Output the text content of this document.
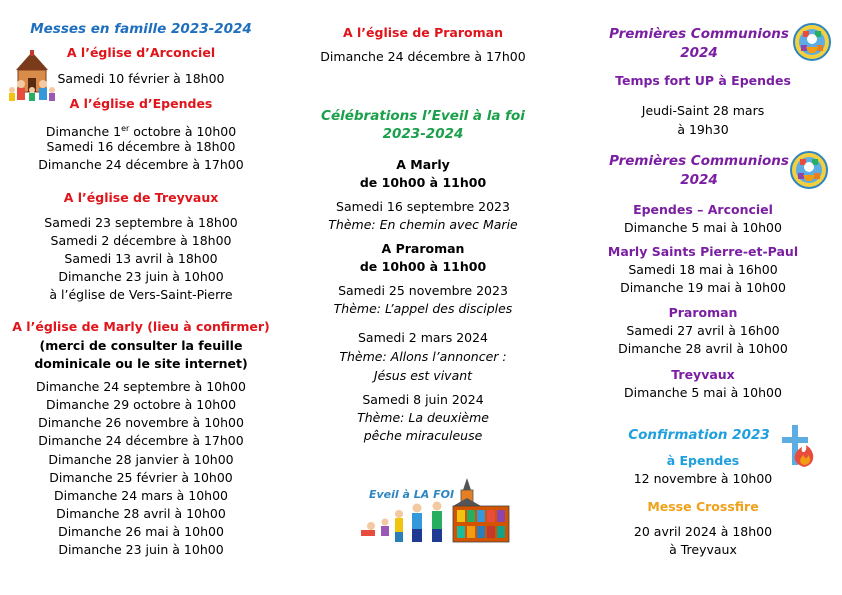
Messes en famille 2023-2024
A l’église d’Arconciel
Samedi 10 février à 18h00
A l’église d’Ependes
Dimanche 1er octobre à 10h00
Samedi 16 décembre à 18h00
Dimanche 24 décembre à 17h00
A l’église de Treyvaux
Samedi 23 septembre à 18h00
Samedi 2 décembre à 18h00
Samedi 13 avril à 18h00
Dimanche 23 juin à 10h00
à l’église de Vers-Saint-Pierre
A l’église de Marly (lieu à confirmer)
(merci de consulter la feuille
dominicale ou le site internet)
Dimanche 24 septembre à 10h00
Dimanche 29 octobre à 10h00
Dimanche 26 novembre à 10h00
Dimanche 24 décembre à 17h00
Dimanche 28 janvier à 10h00
Dimanche 25 février à 10h00
Dimanche 24 mars à 10h00
Dimanche 28 avril à 10h00
Dimanche 26 mai à 10h00
Dimanche 23 juin à 10h00
A l’église de Praroman
Dimanche 24 décembre à 17h00
Célébrations l’Eveil à la foi
2023-2024
A Marly
de 10h00 à 11h00
Samedi 16 septembre 2023
Thème: En chemin avec Marie
A Praroman
de 10h00 à 11h00
Samedi 25 novembre 2023
Thème: L’appel des disciples
Samedi 2 mars 2024
Thème: Allons l’annoncer :
Jésus est vivant
Samedi 8 juin 2024
Thème: La deuxième
pêche miraculeuse
Eveil à LA FOI
Premières Communions
2024
Temps fort UP à Ependes
Jeudi-Saint 28 mars
à 19h30
Premières Communions
2024
Ependes – Arconciel
Dimanche 5 mai à 10h00
Marly Saints Pierre-et-Paul
Samedi 18 mai à 16h00
Dimanche 19 mai à 10h00
Praroman
Samedi 27 avril à 16h00
Dimanche 28 avril à 10h00
Treyvaux
Dimanche 5 mai à 10h00
Confirmation 2023
à Ependes
12 novembre à 10h00
Messe Crossfire
20 avril 2024 à 18h00
à Treyvaux
